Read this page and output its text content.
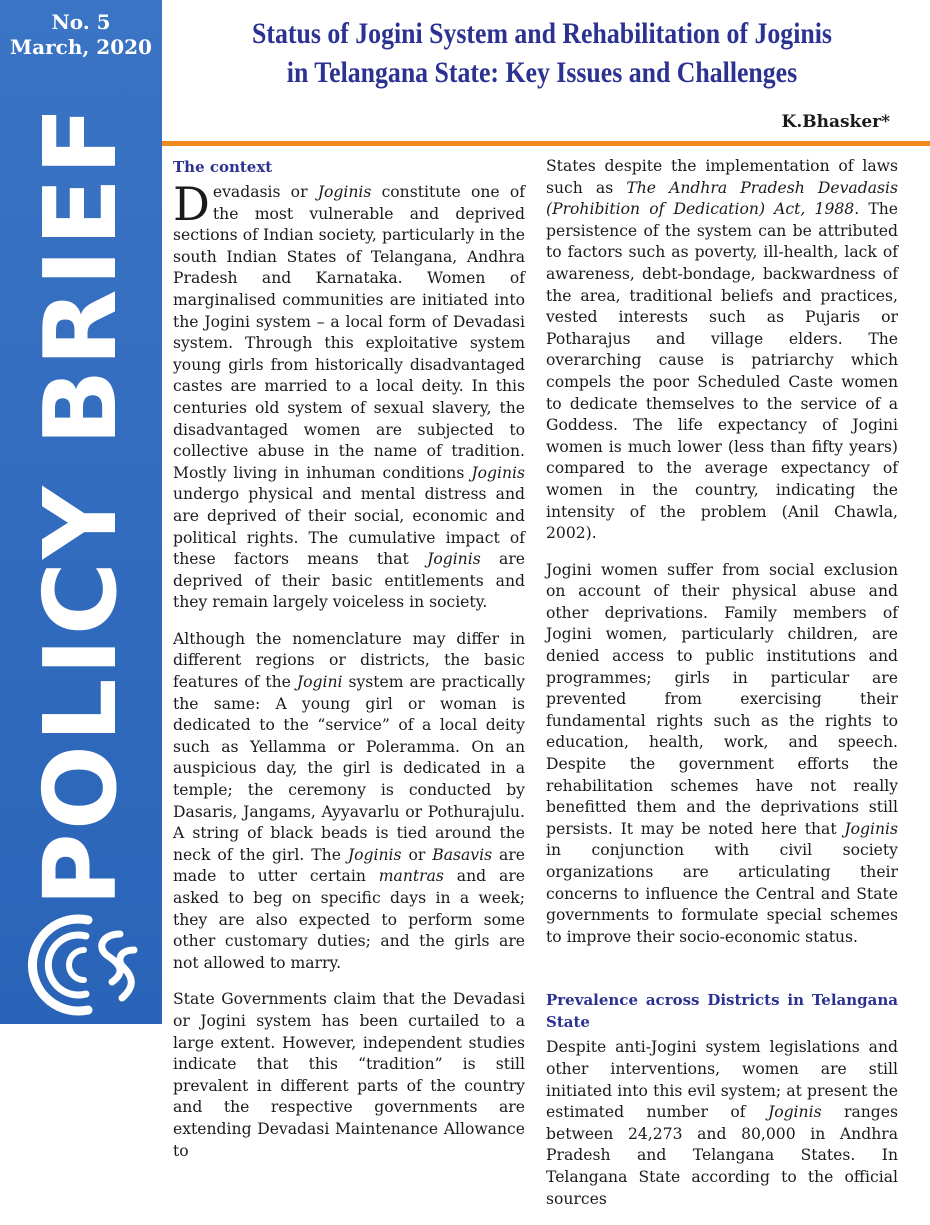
No. 5
March, 2020
POLICY BRIEF
Status of Jogini System and Rehabilitation of Joginis
in Telangana State: Key Issues and Challenges
K.Bhasker*
The context

Devadasis or Joginis constitute one of the most vulnerable and deprived sections of Indian society, particularly in the south Indian States of Telangana, Andhra Pradesh and Karnataka. Women of marginalised communities are initiated into the Jogini system – a local form of Devadasi system. Through this exploitative system young girls from historically disadvantaged castes are married to a local deity. In this centuries old system of sexual slavery, the disadvantaged women are subjected to collective abuse in the name of tradition. Mostly living in inhuman conditions Joginis undergo physical and mental distress and are deprived of their social, economic and political rights. The cumulative impact of these factors means that Joginis are deprived of their basic entitlements and they remain largely voiceless in society.

Although the nomenclature may differ in different regions or districts, the basic features of the Jogini system are practically the same: A young girl or woman is dedicated to the “service” of a local deity such as Yellamma or Poleramma. On an auspicious day, the girl is dedicated in a temple; the ceremony is conducted by Dasaris, Jangams, Ayyavarlu or Pothurajulu. A string of black beads is tied around the neck of the girl. The Joginis or Basavis are made to utter certain mantras and are asked to beg on specific days in a week; they are also expected to perform some other customary duties; and the girls are not allowed to marry.

State Governments claim that the Devadasi or Jogini system has been curtailed to a large extent. However, independent studies indicate that this “tradition” is still prevalent in different parts of the country and the respective governments are extending Devadasi Maintenance Allowance to

States despite the implementation of laws such as The Andhra Pradesh Devadasis (Prohibition of Dedication) Act, 1988. The persistence of the system can be attributed to factors such as poverty, ill-health, lack of awareness, debt-bondage, backwardness of the area, traditional beliefs and practices, vested interests such as Pujaris or Potharajus and village elders. The overarching cause is patriarchy which compels the poor Scheduled Caste women to dedicate themselves to the service of a Goddess. The life expectancy of Jogini women is much lower (less than fifty years) compared to the average expectancy of women in the country, indicating the intensity of the problem (Anil Chawla, 2002).

Jogini women suffer from social exclusion on account of their physical abuse and other deprivations. Family members of Jogini women, particularly children, are denied access to public institutions and programmes; girls in particular are prevented from exercising their fundamental rights such as the rights to education, health, work, and speech. Despite the government efforts the rehabilitation schemes have not really benefitted them and the deprivations still persists. It may be noted here that Joginis in conjunction with civil society organizations are articulating their concerns to influence the Central and State governments to formulate special schemes to improve their socio-economic status.

Prevalence across Districts in Telangana State

Despite anti-Jogini system legislations and other interventions, women are still initiated into this evil system; at present the estimated number of Joginis ranges between 24,273 and 80,000 in Andhra Pradesh and Telangana States. In Telangana State according to the official sources
